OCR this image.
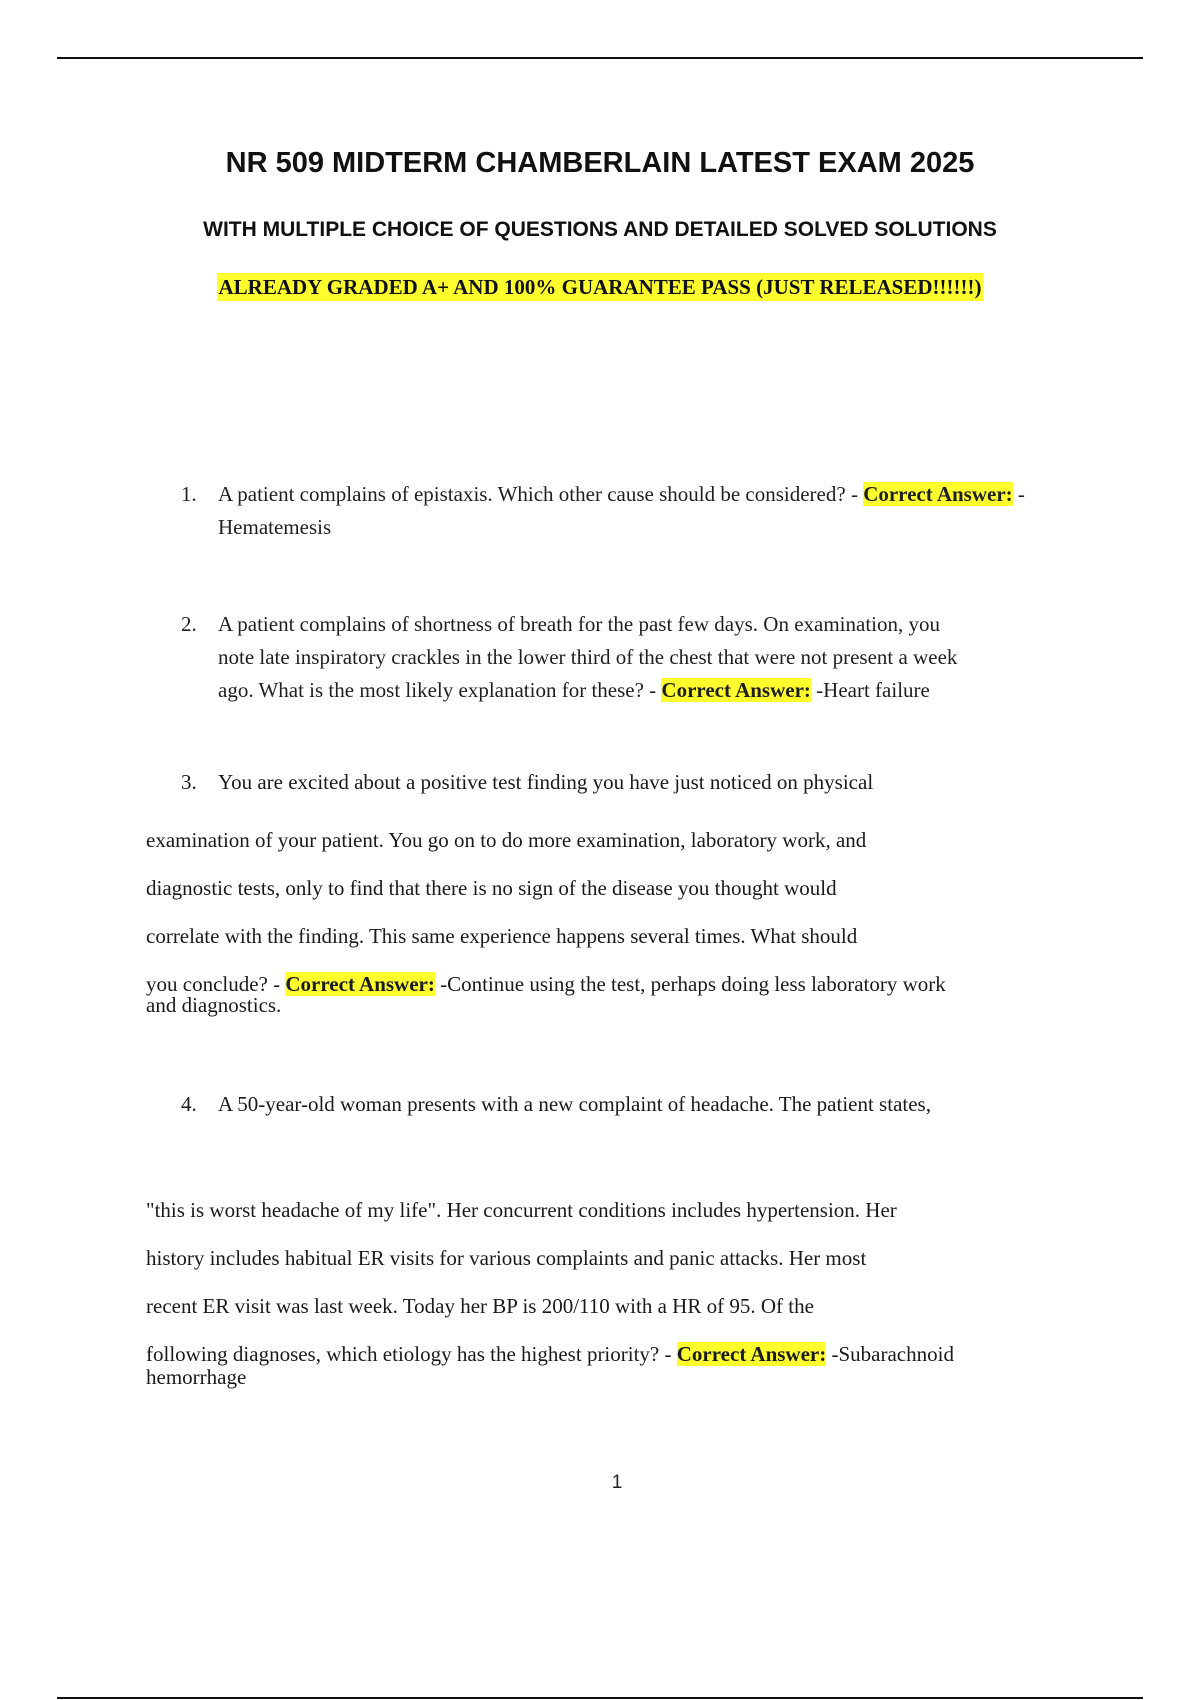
NR 509 MIDTERM CHAMBERLAIN LATEST EXAM 2025
WITH MULTIPLE CHOICE OF QUESTIONS AND DETAILED SOLVED SOLUTIONS
ALREADY GRADED A+ AND 100% GUARANTEE PASS (JUST RELEASED!!!!!!)
1. A patient complains of epistaxis. Which other cause should be considered? - Correct Answer: -Hematemesis
2. A patient complains of shortness of breath for the past few days. On examination, you
note late inspiratory crackles in the lower third of the chest that were not present a week
ago. What is the most likely explanation for these? - Correct Answer: -Heart failure
3. You are excited about a positive test finding you have just noticed on physical
examination of your patient. You go on to do more examination, laboratory work, and
diagnostic tests, only to find that there is no sign of the disease you thought would
correlate with the finding. This same experience happens several times. What should
you conclude? - Correct Answer: -Continue using the test, perhaps doing less laboratory work
and diagnostics.
4. A 50-year-old woman presents with a new complaint of headache. The patient states,
"this is worst headache of my life". Her concurrent conditions includes hypertension. Her
history includes habitual ER visits for various complaints and panic attacks. Her most
recent ER visit was last week. Today her BP is 200/110 with a HR of 95. Of the
following diagnoses, which etiology has the highest priority? - Correct Answer: -Subarachnoid
hemorrhage
1
